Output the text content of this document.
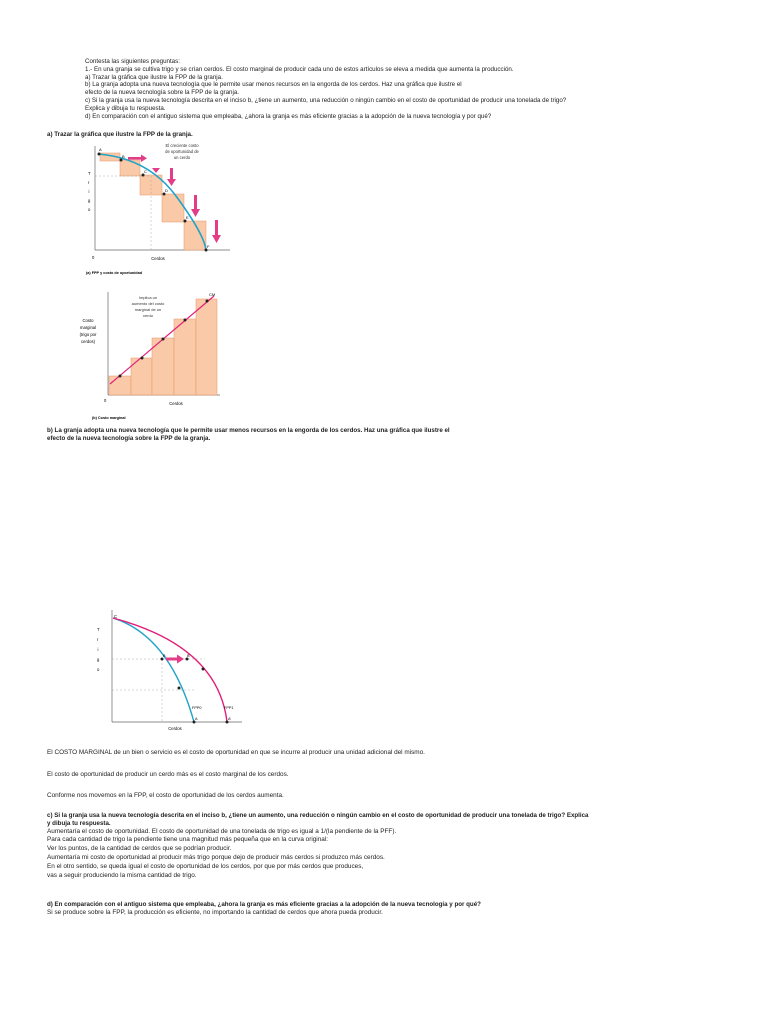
Contesta las siguientes preguntas:
1.- En una granja se cultiva trigo y se crían cerdos. El costo marginal de producir cada uno de estos artículos se eleva a medida que aumenta la producción.
a) Trazar la gráfica que ilustre la FPP de la granja.
b) La granja adopta una nueva tecnología que le permite usar menos recursos en la engorda de los cerdos. Haz una gráfica que ilustre el
efecto de la nueva tecnología sobre la FPP de la granja.
c) Si la granja usa la nueva tecnología descrita en el inciso b, ¿tiene un aumento, una reducción o ningún cambio en el costo de oportunidad de producir una tonelada de trigo?
Explica y dibuja tu respuesta.
d) En comparación con el antiguo sistema que empleaba, ¿ahora la granja es más eficiente gracias a la adopción de la nueva tecnología y por qué?
a) Trazar la gráfica que ilustre la FPP de la granja.
A
B
C
D
E
F
El creciente costo
de oportunidad de
un cerdo
T
r
i
g
o
0	Cerdos
(a) FPP y costo de oportunidad
CM
Implica un
aumento del costo
marginal de un
cerdo
Costo
marginal
(trigo por
cerdos)
0
Cerdos
(b) Costo marginal
b) La granja adopta una nueva tecnología que le permite usar menos recursos en la engorda de los cerdos. Haz una gráfica que ilustre el
efecto de la nueva tecnología sobre la FPP de la granja.
C
B	B'
A	A'
FPP0	FPP1
T
r
i
g
o
Cerdos
El COSTO MARGINAL de un bien o servicio es el costo de oportunidad en que se incurre al producir una unidad adicional del mismo.
El costo de oportunidad de producir un cerdo más es el costo marginal de los cerdos.
Conforme nos movemos en la FPP, el costo de oportunidad de los cerdos aumenta.
c) Si la granja usa la nueva tecnología descrita en el inciso b, ¿tiene un aumento, una reducción o ningún cambio en el costo de oportunidad de producir una tonelada de trigo? Explica
y dibuja tu respuesta.
Aumentaría el costo de oportunidad. El costo de oportunidad de una tonelada de trigo es igual a 1/(la pendiente de la PFF).
Para cada cantidad de trigo la pendiente tiene una magnitud más pequeña que en la curva original:
Ver los puntos, de la cantidad de cerdos que se podrían producir.
Aumentaría mi costo de oportunidad al producir más trigo porque dejo de producir más cerdos si produzco más cerdos.
En el otro sentido, se queda igual el costo de oportunidad de los cerdos, por que por más cerdos que produces,
vas a seguir produciendo la misma cantidad de trigo.
d) En comparación con el antiguo sistema que empleaba, ¿ahora la granja es más eficiente gracias a la adopción de la nueva tecnología y por qué?
Si se produce sobre la FPP, la producción es eficiente, no importando la cantidad de cerdos que ahora pueda producir.
